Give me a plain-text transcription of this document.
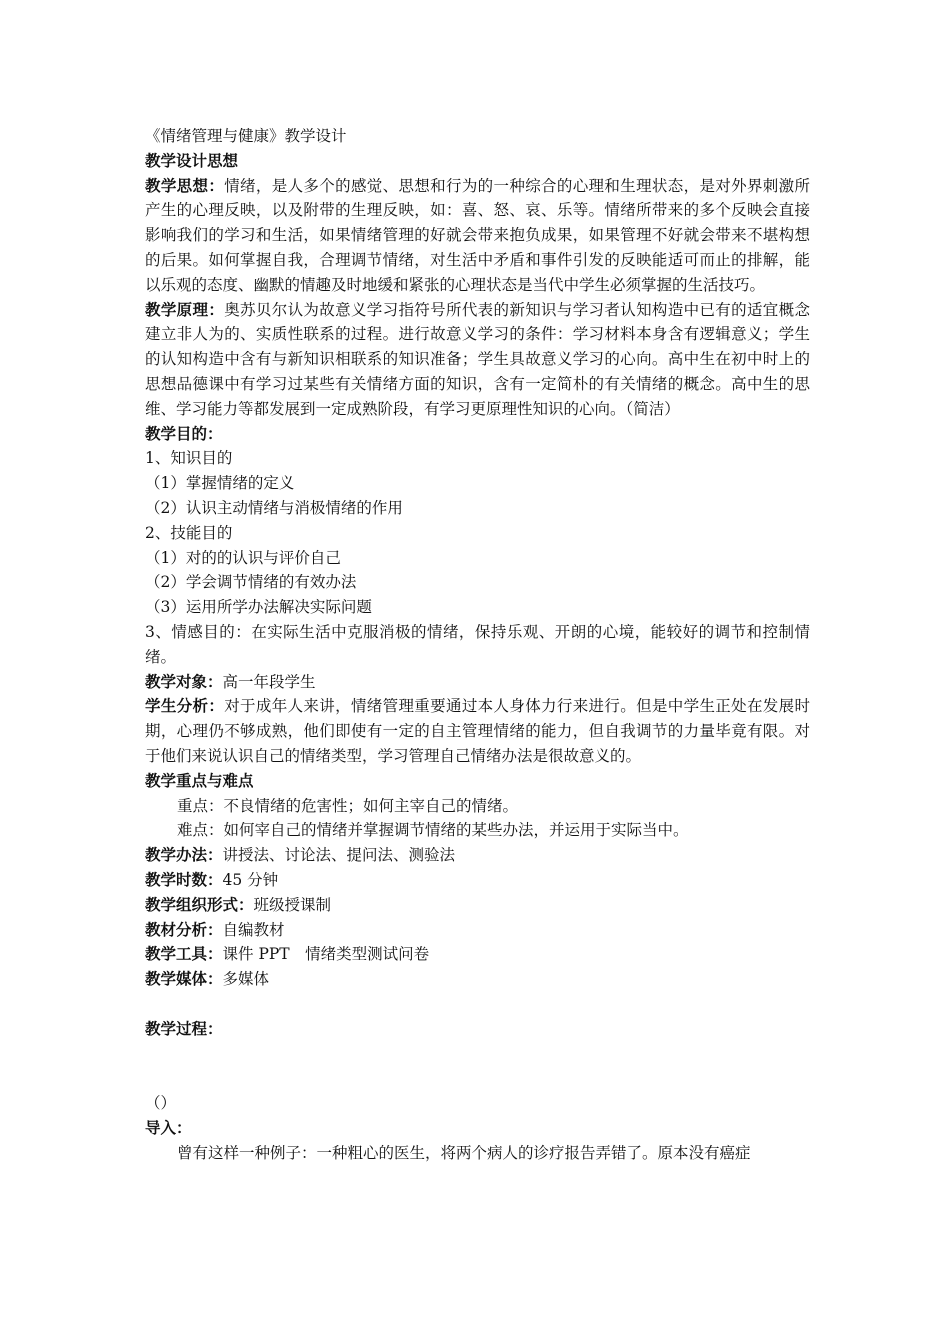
《情绪管理与健康》教学设计
教学设计思想
教学思想：情绪，是人多个的感觉、思想和行为的一种综合的心理和生理状态，是对外界刺激所产生的心理反映，以及附带的生理反映，如：喜、怒、哀、乐等。情绪所带来的多个反映会直接影响我们的学习和生活，如果情绪管理的好就会带来抱负成果，如果管理不好就会带来不堪构想的后果。如何掌握自我，合理调节情绪，对生活中矛盾和事件引发的反映能适可而止的排解，能以乐观的态度、幽默的情趣及时地缓和紧张的心理状态是当代中学生必须掌握的生活技巧。
教学原理：奥苏贝尔认为故意义学习指符号所代表的新知识与学习者认知构造中已有的适宜概念建立非人为的、实质性联系的过程。进行故意义学习的条件：学习材料本身含有逻辑意义；学生的认知构造中含有与新知识相联系的知识准备；学生具故意义学习的心向。高中生在初中时上的思想品德课中有学习过某些有关情绪方面的知识，含有一定简朴的有关情绪的概念。高中生的思维、学习能力等都发展到一定成熟阶段，有学习更原理性知识的心向。（简洁）
教学目的：
1、知识目的
（1）掌握情绪的定义
（2）认识主动情绪与消极情绪的作用
2、技能目的
（1）对的的认识与评价自己
（2）学会调节情绪的有效办法
（3）运用所学办法解决实际问题
3、情感目的：在实际生活中克服消极的情绪，保持乐观、开朗的心境，能较好的调节和控制情绪。
教学对象：高一年段学生
学生分析：对于成年人来讲，情绪管理重要通过本人身体力行来进行。但是中学生正处在发展时期，心理仍不够成熟，他们即使有一定的自主管理情绪的能力，但自我调节的力量毕竟有限。对于他们来说认识自己的情绪类型，学习管理自己情绪办法是很故意义的。
教学重点与难点
重点：不良情绪的危害性；如何主宰自己的情绪。
难点：如何宰自己的情绪并掌握调节情绪的某些办法，并运用于实际当中。
教学办法：讲授法、讨论法、提问法、测验法
教学时数：45 分钟
教学组织形式：班级授课制
教材分析：自编教材
教学工具：课件 PPT　情绪类型测试问卷
教学媒体：多媒体
教学过程：
（）
导入：
曾有这样一种例子：一种粗心的医生，将两个病人的诊疗报告弄错了。原本没有癌症
